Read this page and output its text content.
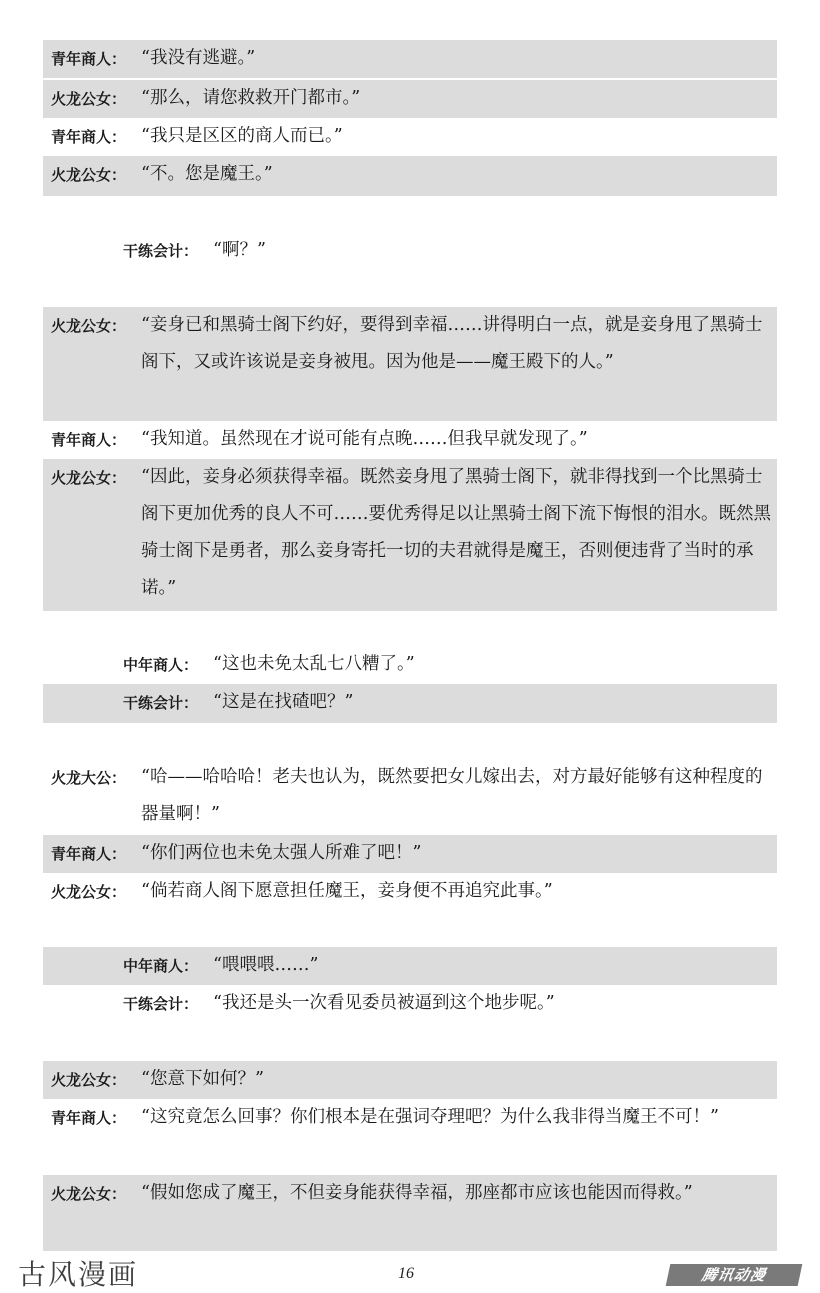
青年商人： “我没有逃避。”
火龙公女： “那么，请您救救开门都市。”
青年商人： “我只是区区的商人而已。”
火龙公女： “不。您是魔王。”
干练会计： “啊？”
火龙公女： “妾身已和黑骑士阁下约好，要得到幸福……讲得明白一点，就是妾身甩了黑骑士阁下，又或许该说是妾身被甩。因为他是——魔王殿下的人。”
青年商人： “我知道。虽然现在才说可能有点晚……但我早就发现了。”
火龙公女： “因此，妾身必须获得幸福。既然妾身甩了黑骑士阁下，就非得找到一个比黑骑士阁下更加优秀的良人不可……要优秀得足以让黑骑士阁下流下悔恨的泪水。既然黑骑士阁下是勇者，那么妾身寄托一切的夫君就得是魔王，否则便违背了当时的承诺。”
中年商人： “这也未免太乱七八糟了。”
干练会计： “这是在找碴吧？”
火龙大公： “哈——哈哈哈！老夫也认为，既然要把女儿嫁出去，对方最好能够有这种程度的器量啊！”
青年商人： “你们两位也未免太强人所难了吧！”
火龙公女： “倘若商人阁下愿意担任魔王，妾身便不再追究此事。”
中年商人： “喂喂喂……”
干练会计： “我还是头一次看见委员被逼到这个地步呢。”
火龙公女： “您意下如何？”
青年商人： “这究竟怎么回事？你们根本是在强词夺理吧？为什么我非得当魔王不可！”
火龙公女： “假如您成了魔王，不但妾身能获得幸福，那座都市应该也能因而得救。”
古风漫画	16	腾讯动漫
